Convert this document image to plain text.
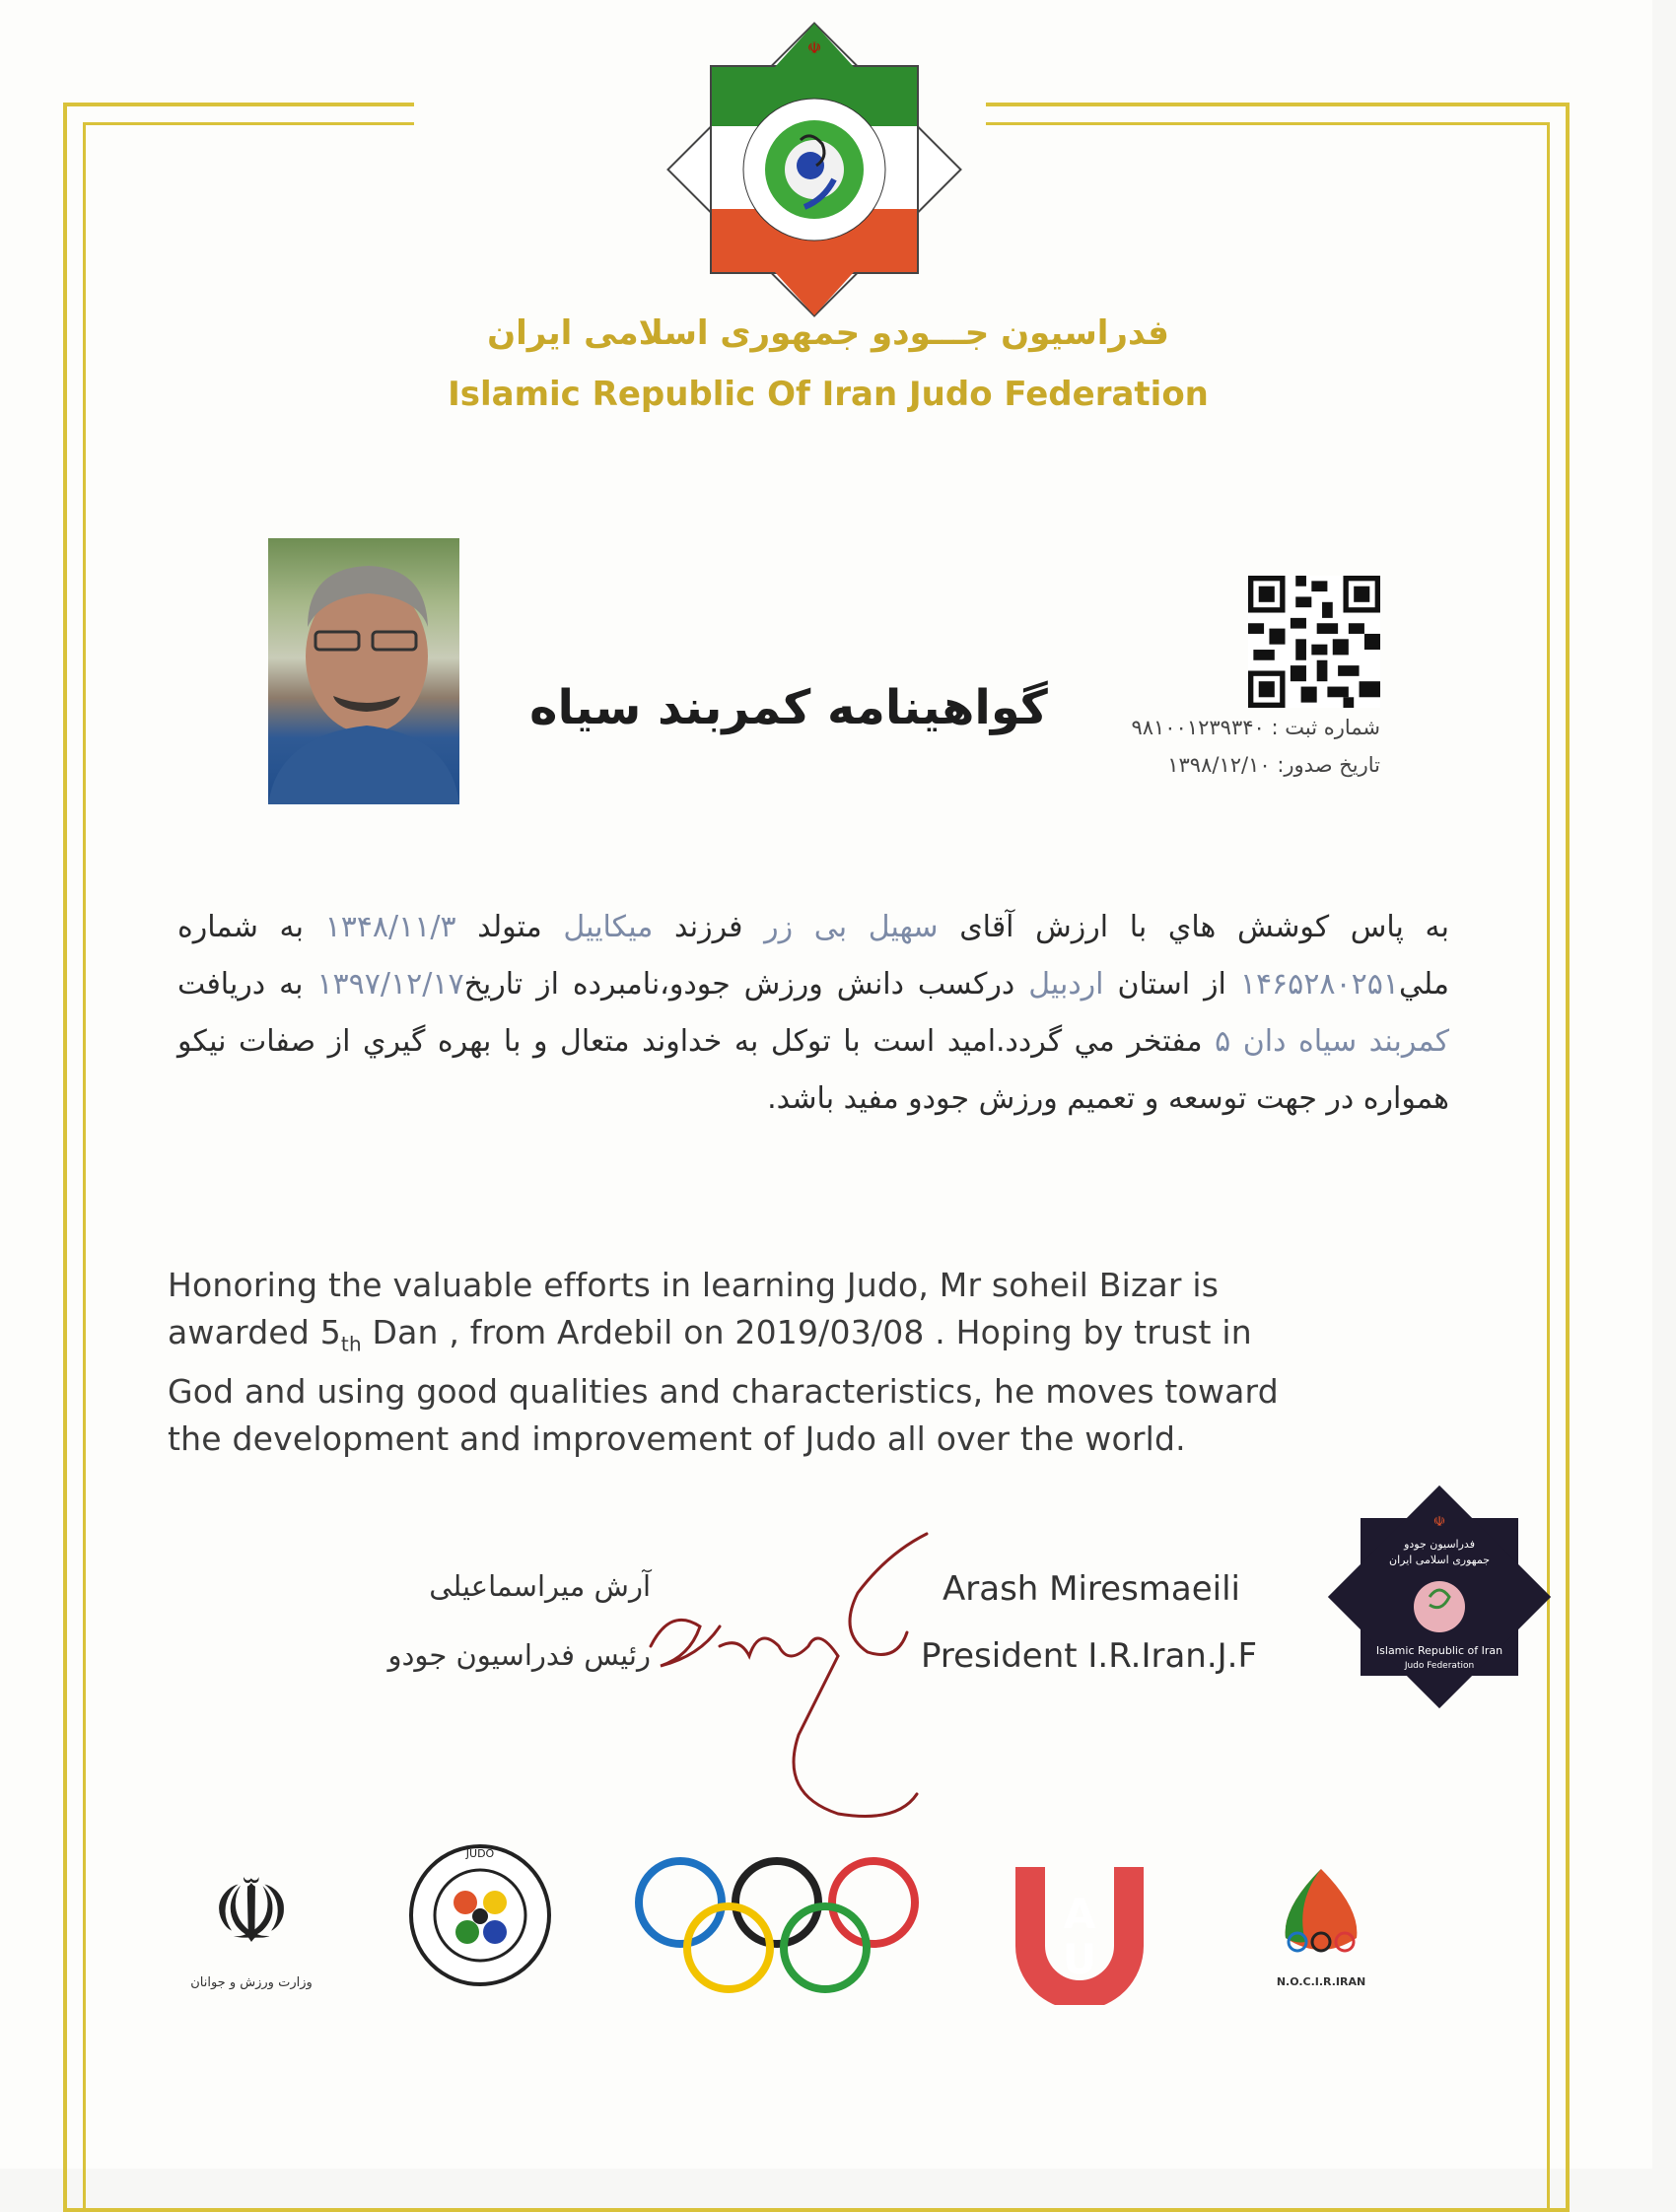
☫
فدراسيون جـــودو جمهوری اسلامی ایران
Islamic Republic Of Iran Judo Federation
گواهینامه کمربند سیاه	شماره ثبت : ۹۸۱۰۰۱۲۳۹۳۴۰
تاریخ صدور: ۱۳۹۸/۱۲/۱۰
به پاس کوشش هاي با ارزش آقای سهیل بی زر فرزند میکاییل متولد ۱۳۴۸/۱۱/۳ به شماره ملي۱۴۶۵۲۸۰۲۵۱ از استان اردبیل درکسب دانش ورزش جودو،نامبرده از تاریخ۱۳۹۷/۱۲/۱۷ به دریافت کمربند سیاه دان ۵ مفتخر مي گردد.امید است با توکل به خداوند متعال و با بهره گیري از صفات نیکو همواره در جهت توسعه و تعمیم ورزش جودو مفید باشد.
Honoring the valuable efforts in learning Judo, Mr soheil Bizar is
awarded $5_{th}$ Dan , from Ardebil on 2019/03/08 . Hoping by trust in
God and using good qualities and characteristics, he moves toward
the development and improvement of Judo all over the world.
آرش میراسماعیلی
رئیس فدراسیون جودو
Arash Miresmaeili
President I.R.Iran.J.F
☫
فدراسیون جودو
جمهوری اسلامی ایران
Islamic Republic of Iran
Judo Federation
☫
وزارت ورزش و جوانان
JUDO
A
U	N.O.C.I.R.IRAN
